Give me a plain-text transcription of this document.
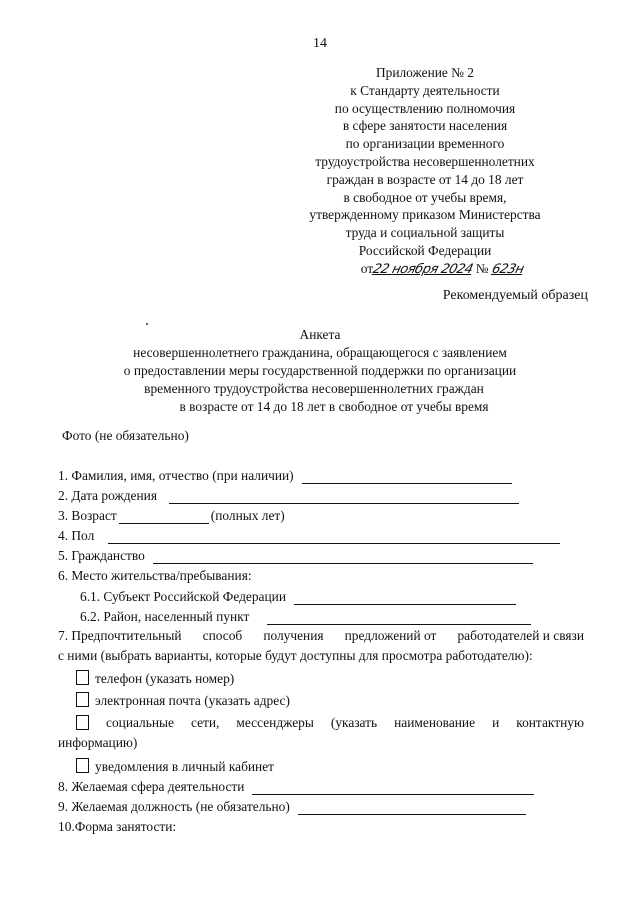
14
Приложение № 2
к Стандарту деятельности
по осуществлению полномочия
в сфере занятости населения
по организации временного
трудоустройства несовершеннолетних
граждан в возрасте от 14 до 18 лет
в свободное от учебы время,
утвержденному приказом Министерства
труда и социальной защиты
Российской Федерации
от22 ноября 2024 № 623н
Рекомендуемый образец
Анкета
несовершеннолетнего гражданина, обращающегося с заявлением
о предоставлении меры государственной поддержки по организации
временного трудоустройства несовершеннолетних граждан
в возрасте от 14 до 18 лет в свободное от учебы время
Фото (не обязательно)
1. Фамилия, имя, отчество (при наличии)
2. Дата рождения
3. Возраст	(полных лет)
4. Пол
5. Гражданство
6. Место жительства/пребывания:
6.1. Субъект Российской Федерации
6.2. Район, населенный пункт
7. Предпочтительный способ получения предложений от работодателей и связи
с ними (выбрать варианты, которые будут доступны для просмотра работодателю):
телефон (указать номер)
электронная почта (указать адрес)
социальные сети, мессенджеры (указать наименование и контактную
информацию)
уведомления в личный кабинет
8. Желаемая сфера деятельности
9. Желаемая должность (не обязательно)
10.Форма занятости:
